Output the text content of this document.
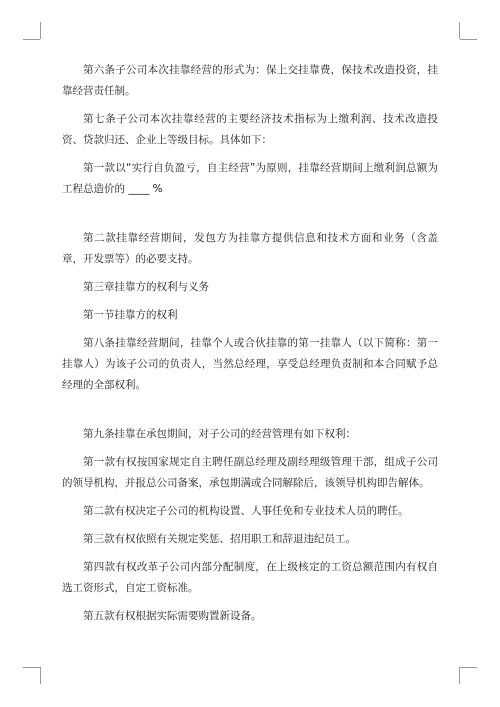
第六条子公司本次挂靠经营的形式为：保上交挂靠费，保技术改造投资，挂靠经营责任制。

第七条子公司本次挂靠经营的主要经济技术指标为上缴利润、技术改造投资、贷款归还、企业上等级目标。具体如下：

第一款以“实行自负盈亏，自主经营”为原则，挂靠经营期间上缴利润总额为工程总造价的 ____ %

第二款挂靠经营期间，发包方为挂靠方提供信息和技术方面和业务（含盖章，开发票等）的必要支持。

第三章挂靠方的权利与义务

第一节挂靠方的权利

第八条挂靠经营期间，挂靠个人或合伙挂靠的第一挂靠人（以下简称：第一挂靠人）为该子公司的负责人，当然总经理，享受总经理负责制和本合同赋予总经理的全部权利。

第九条挂靠在承包期间，对子公司的经营管理有如下权利：

第一款有权按国家规定自主聘任副总经理及副经理级管理干部，组成子公司的领导机构，并报总公司备案，承包期满或合同解除后，该领导机构即告解体。

第二款有权决定子公司的机构设置、人事任免和专业技术人员的聘任。

第三款有权依照有关规定奖惩、招用职工和辞退违纪员工。

第四款有权改革子公司内部分配制度，在上级核定的工资总额范围内有权自选工资形式，自定工资标准。

第五款有权根据实际需要购置新设备。
